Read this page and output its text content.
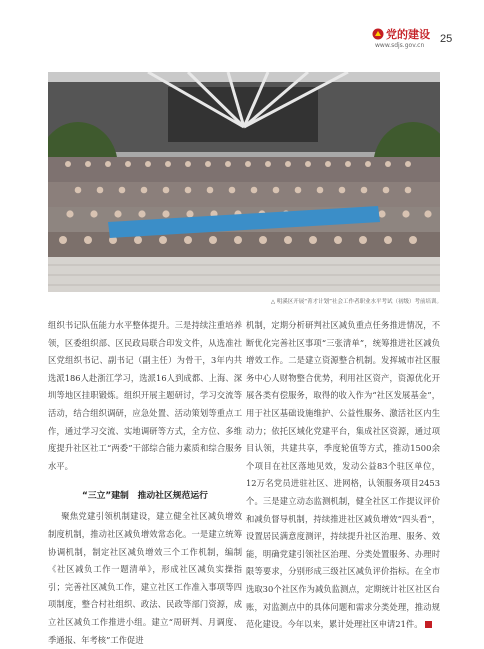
党的建设
www.sdjs.gov.cn
25
△ 明溪区开展“菁才计划”社会工作者职业水平考试（初级）考前培训。

组织书记队伍能力水平整体提升。三是持续注重培养领，区委组织部、区民政局联合印发文件，从选准社区党组织书记、副书记（副主任）为骨干，3年内共选派186人赴浙江学习，选派16人到成都、上海、深圳等地区挂职锻炼。组织开展主题研讨，学习交流等活动，结合组织调研，应急处置、活动策划等重点工作，通过学习交流、实地调研等方式，全方位、多维度提升社区社工“两委”干部综合能力素质和综合服务水平。

“三立”建制　推动社区规范运行

聚焦党建引领机制建设，建立健全社区减负增效制度机制，推动社区减负增效常态化。一是建立统筹协调机制，制定社区减负增效三个工作机制，编制《社区减负工作一题清单》，形成社区减负实操指引；完善社区减负工作，建立社区工作准入事项等四项制度，整合村社组织、政法、民政等部门资源，成立社区减负工作推进小组。建立“周研判、月调度、季通报、年考核”工作促进

机制，定期分析研判社区减负重点任务推进情况，不断优化完善社区事项“三张清单”，统筹推进社区减负增效工作。二是建立资源整合机制。发挥城市社区服务中心人财物整合优势，利用社区资产，资源优化开展各类有偿服务，取得的收入作为“社区发展基金”，用于社区基础设施维护、公益性服务、激活社区内生动力；依托区域化党建平台，集成社区资源，通过项目认领，共建共享，季度轮值等方式，推动1500余个项目在社区落地见效，发动公益83个驻区单位，12万名党员进驻社区、进网格，认领服务项目2453个。三是建立动态监测机制，健全社区工作提议评价和减负督导机制，持续推进社区减负增效“四头看”，设置居民满意度测评，持续提升社区治理、服务、效能，明确党建引领社区治理、分类处置服务、办理时限等要求，分别形成三级社区减负评价指标。在全市选取30个社区作为减负监测点，定期统计社区社区台账，对监测点中的具体问题和需求分类处理，推动规范化建设。今年以来，累计处理社区申请21件。
